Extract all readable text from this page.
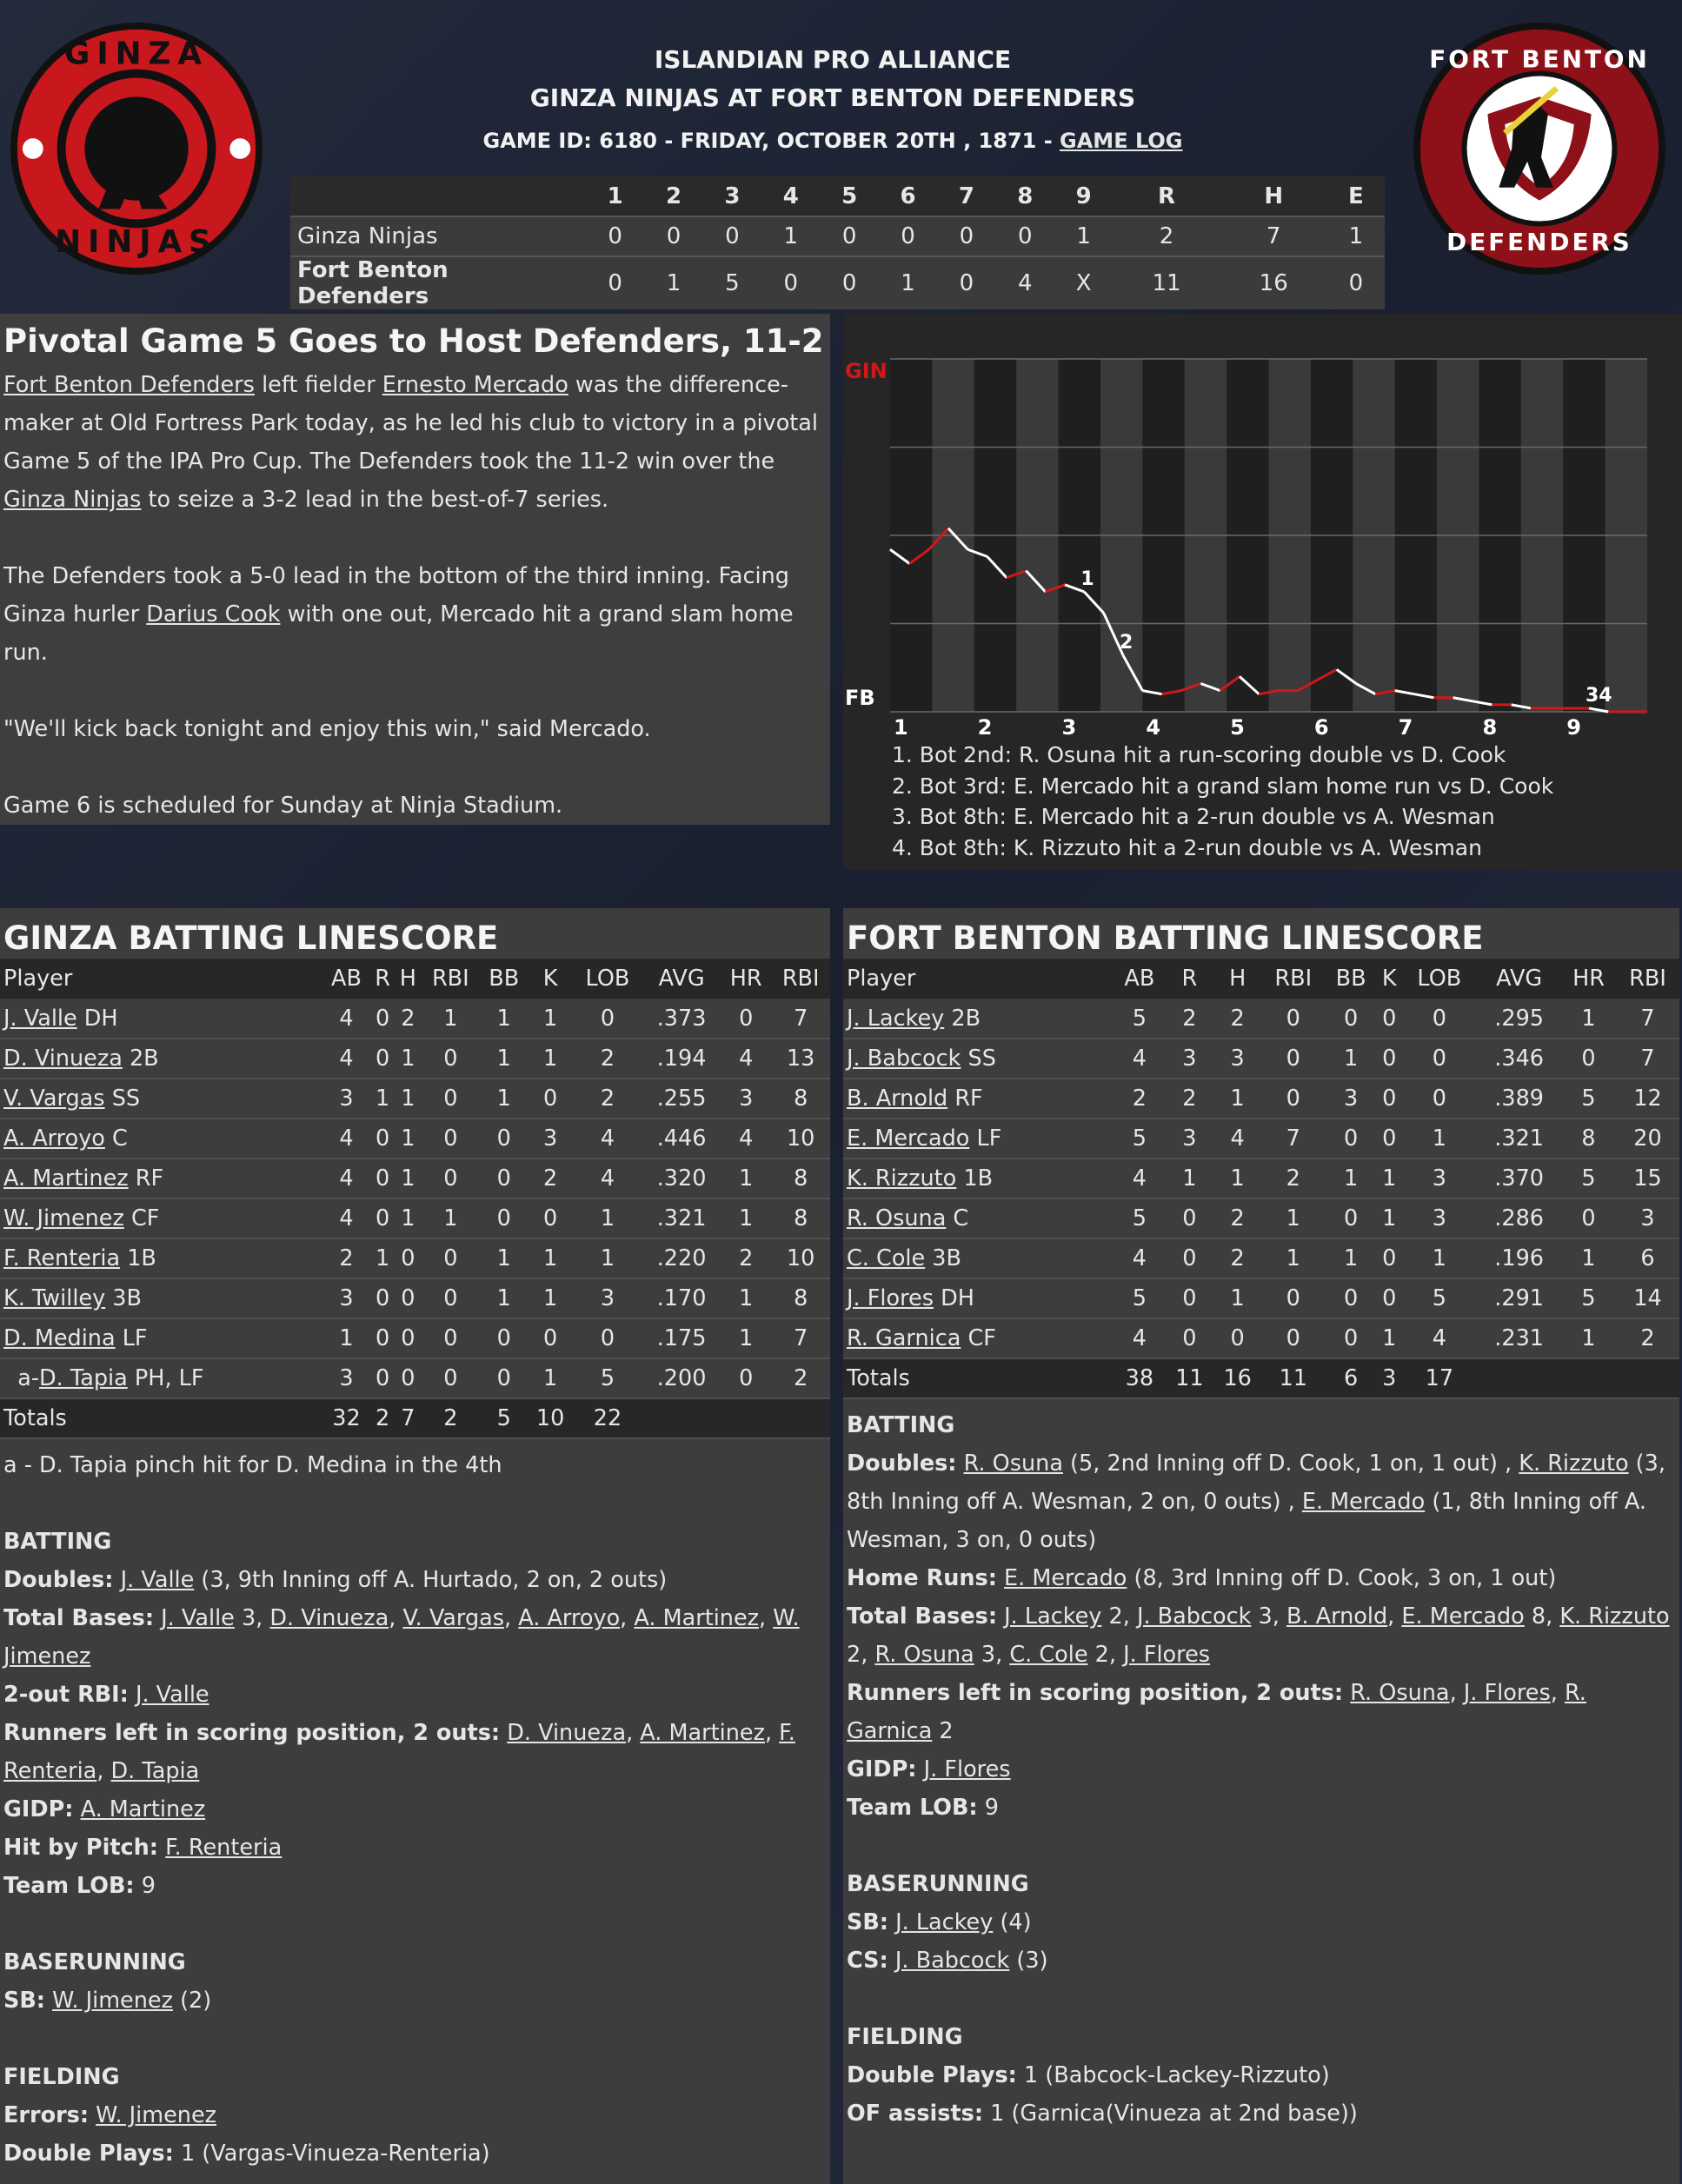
GINZA
NINJAS
ISLANDIAN PRO ALLIANCE
GINZA NINJAS AT FORT BENTON DEFENDERS
GAME ID: 6180 - FRIDAY, OCTOBER 20TH , 1871 - GAME LOG
	1	2	3	4	5	6	7	8	9	R	H	E
Ginza Ninjas	0	0	0	1	0	0	0	0	1	2	7	1
Fort Benton Defenders	0	1	5	0	0	1	0	4	X	11	16	0
FORT BENTON
DEFENDERS
Pivotal Game 5 Goes to Host Defenders, 11-2

Fort Benton Defenders left fielder Ernesto Mercado was the difference-maker at Old Fortress Park today, as he led his club to victory in a pivotal Game 5 of the IPA Pro Cup. The Defenders took the 11-2 win over the Ginza Ninjas to seize a 3-2 lead in the best-of-7 series.

The Defenders took a 5-0 lead in the bottom of the third inning. Facing Ginza hurler Darius Cook with one out, Mercado hit a grand slam home run.

"We'll kick back tonight and enjoy this win," said Mercado.

Game 6 is scheduled for Sunday at Ninja Stadium.

GIN
FB
1	2	3	4	5	6	7	8	9
1
2
34
1. Bot 2nd: R. Osuna hit a run-scoring double vs D. Cook
2. Bot 3rd: E. Mercado hit a grand slam home run vs D. Cook
3. Bot 8th: E. Mercado hit a 2-run double vs A. Wesman
4. Bot 8th: K. Rizzuto hit a 2-run double vs A. Wesman
GINZA BATTING LINESCORE
Player	AB	R	H	RBI	BB	K	LOB	AVG	HR	RBI
J. Valle DH	4	0	2	1	1	1	0	.373	0	7
D. Vinueza 2B	4	0	1	0	1	1	2	.194	4	13
V. Vargas SS	3	1	1	0	1	0	2	.255	3	8
A. Arroyo C	4	0	1	0	0	3	4	.446	4	10
A. Martinez RF	4	0	1	0	0	2	4	.320	1	8
W. Jimenez CF	4	0	1	1	0	0	1	.321	1	8
F. Renteria 1B	2	1	0	0	1	1	1	.220	2	10
K. Twilley 3B	3	0	0	0	1	1	3	.170	1	8
D. Medina LF	1	0	0	0	0	0	0	.175	1	7
a-D. Tapia PH, LF	3	0	0	0	0	1	5	.200	0	2
Totals	32	2	7	2	5	10	22			
a - D. Tapia pinch hit for D. Medina in the 4th
BATTING
Doubles: J. Valle (3, 9th Inning off A. Hurtado, 2 on, 2 outs)
Total Bases: J. Valle 3, D. Vinueza, V. Vargas, A. Arroyo, A. Martinez, W. Jimenez
2-out RBI: J. Valle
Runners left in scoring position, 2 outs: D. Vinueza, A. Martinez, F. Renteria, D. Tapia
GIDP: A. Martinez
Hit by Pitch: F. Renteria
Team LOB: 9
BASERUNNING
SB: W. Jimenez (2)
FIELDING
Errors: W. Jimenez
Double Plays: 1 (Vargas-Vinueza-Renteria)
FORT BENTON BATTING LINESCORE
Player	AB	R	H	RBI	BB	K	LOB	AVG	HR	RBI
J. Lackey 2B	5	2	2	0	0	0	0	.295	1	7
J. Babcock SS	4	3	3	0	1	0	0	.346	0	7
B. Arnold RF	2	2	1	0	3	0	0	.389	5	12
E. Mercado LF	5	3	4	7	0	0	1	.321	8	20
K. Rizzuto 1B	4	1	1	2	1	1	3	.370	5	15
R. Osuna C	5	0	2	1	0	1	3	.286	0	3
C. Cole 3B	4	0	2	1	1	0	1	.196	1	6
J. Flores DH	5	0	1	0	0	0	5	.291	5	14
R. Garnica CF	4	0	0	0	0	1	4	.231	1	2
Totals	38	11	16	11	6	3	17			
BATTING
Doubles: R. Osuna (5, 2nd Inning off D. Cook, 1 on, 1 out) , K. Rizzuto (3, 8th Inning off A. Wesman, 2 on, 0 outs) , E. Mercado (1, 8th Inning off A. Wesman, 3 on, 0 outs)
Home Runs: E. Mercado (8, 3rd Inning off D. Cook, 3 on, 1 out)
Total Bases: J. Lackey 2, J. Babcock 3, B. Arnold, E. Mercado 8, K. Rizzuto 2, R. Osuna 3, C. Cole 2, J. Flores
Runners left in scoring position, 2 outs: R. Osuna, J. Flores, R. Garnica 2
GIDP: J. Flores
Team LOB: 9
BASERUNNING
SB: J. Lackey (4)
CS: J. Babcock (3)
FIELDING
Double Plays: 1 (Babcock-Lackey-Rizzuto)
OF assists: 1 (Garnica(Vinueza at 2nd base))
